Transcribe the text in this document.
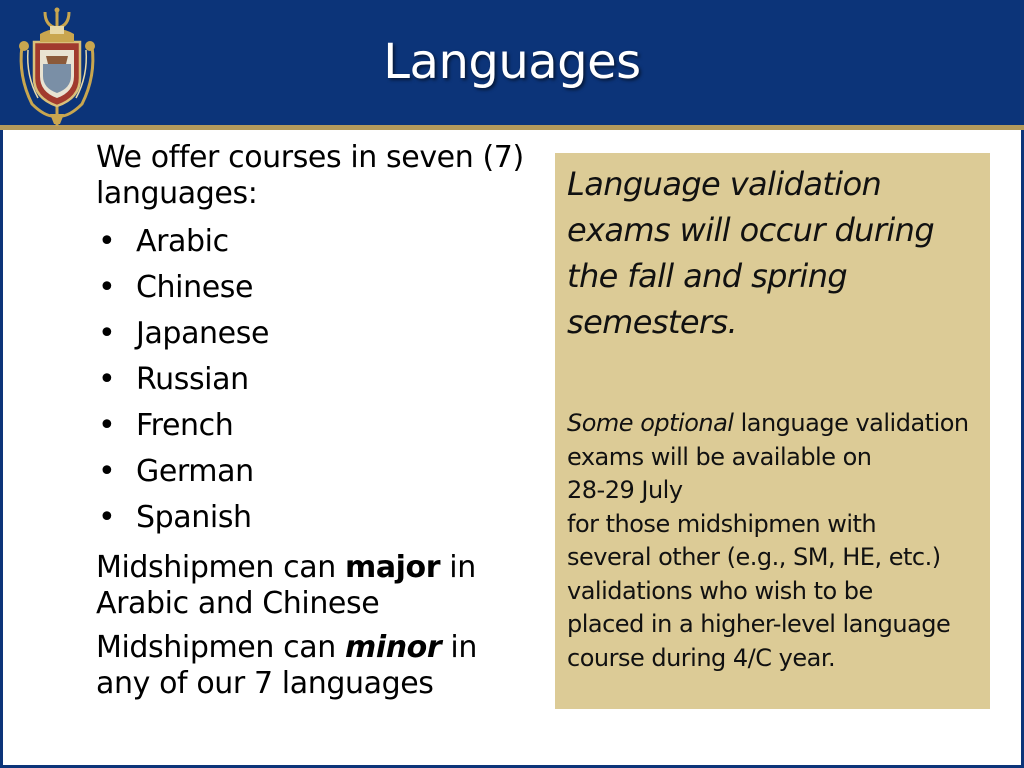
Languages

We offer courses in seven (7) languages:

• Arabic
• Chinese
• Japanese
• Russian
• French
• German
• Spanish

Midshipmen can major in Arabic and Chinese

Midshipmen can minor in any of our 7 languages

Language validation exams will occur during the fall and spring semesters.

Some optional language validation
exams will be available on
28-29 July
for those midshipmen with
several other (e.g., SM, HE, etc.)
validations who wish to be
placed in a higher-level language
course during 4/C year.
